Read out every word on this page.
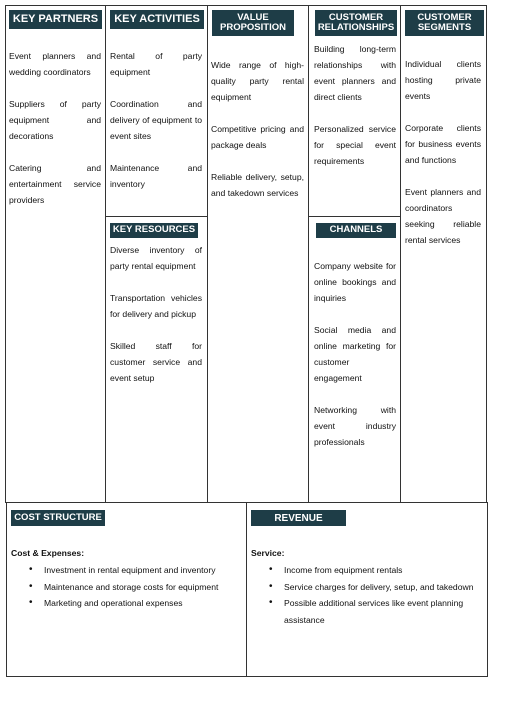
KEY PARTNERS

Event planners and wedding coordinators

Suppliers of party equipment and decorations

Catering and entertainment service providers

KEY ACTIVITIES

Rental of party equipment

Coordination and delivery of equipment to event sites

Maintenance and inventory

KEY RESOURCES

Diverse inventory of party rental equipment

Transportation vehicles for delivery and pickup

Skilled staff for customer service and event setup

VALUE
PROPOSITION

Wide range of high-quality party rental equipment

Competitive pricing and package deals

Reliable delivery, setup, and takedown services

CUSTOMER
RELATIONSHIPS

Building long-term relationships with event planners and direct clients

Personalized service for special event requirements

CHANNELS

Company website for online bookings and inquiries

Social media and online marketing for customer engagement

Networking with event industry professionals

CUSTOMER
SEGMENTS

Individual clients hosting private events

Corporate clients for business events and functions

Event planners and coordinators seeking reliable rental services

COST STRUCTURE
Cost & Expenses:
• Investment in rental equipment and inventory
• Maintenance and storage costs for equipment
• Marketing and operational expenses
REVENUE
Service:
• Income from equipment rentals
• Service charges for delivery, setup, and takedown
• Possible additional services like event planning assistance
